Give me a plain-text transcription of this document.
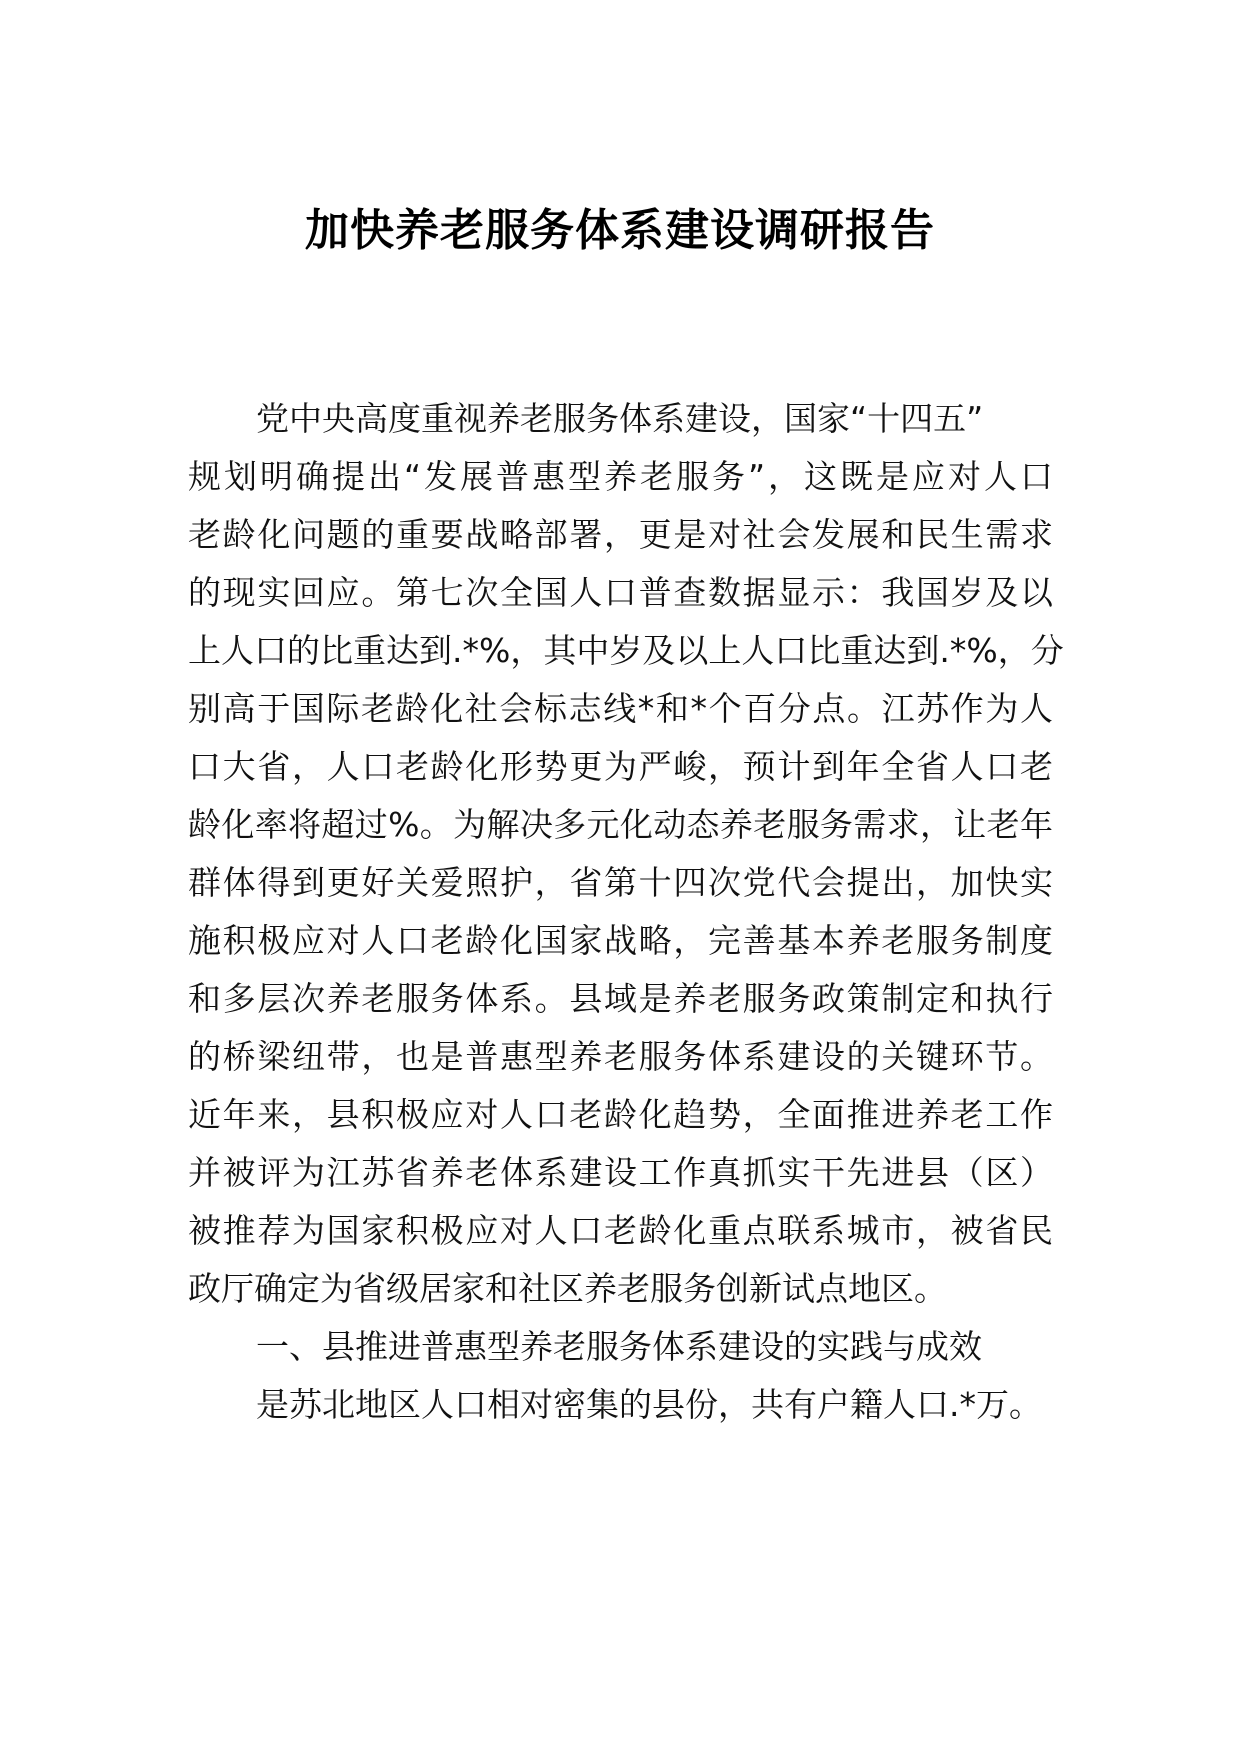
加快养老服务体系建设调研报告
党中央高度重视养老服务体系建设，国家“十四五”
规划明确提出“发展普惠型养老服务”，这既是应对人口
老龄化问题的重要战略部署，更是对社会发展和民生需求
的现实回应。第七次全国人口普查数据显示：我国岁及以
上人口的比重达到.*%，其中岁及以上人口比重达到.*%，分
别高于国际老龄化社会标志线*和*个百分点。江苏作为人
口大省，人口老龄化形势更为严峻，预计到年全省人口老
龄化率将超过%。为解决多元化动态养老服务需求，让老年
群体得到更好关爱照护，省第十四次党代会提出，加快实
施积极应对人口老龄化国家战略，完善基本养老服务制度
和多层次养老服务体系。县域是养老服务政策制定和执行
的桥梁纽带，也是普惠型养老服务体系建设的关键环节。
近年来，县积极应对人口老龄化趋势，全面推进养老工作
并被评为江苏省养老体系建设工作真抓实干先进县（区）
被推荐为国家积极应对人口老龄化重点联系城市，被省民
政厅确定为省级居家和社区养老服务创新试点地区。
一、县推进普惠型养老服务体系建设的实践与成效
是苏北地区人口相对密集的县份，共有户籍人口.*万。
